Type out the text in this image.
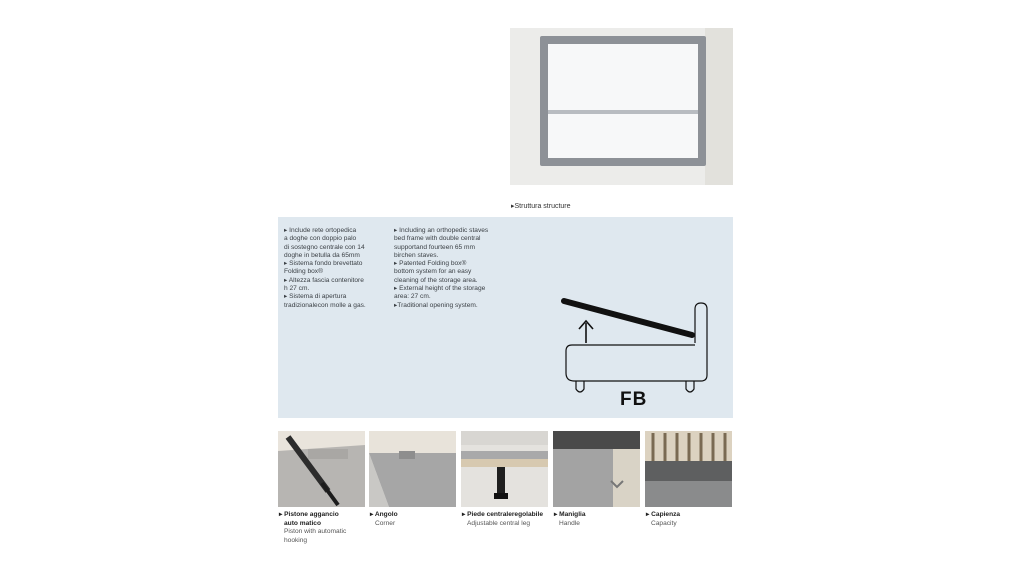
▸Struttura structure
▸ Include rete ortopedica
a doghe con doppio palo
di sostegno centrale con 14
doghe in betulla da 65mm
▸ Sistema fondo brevettato
Folding box®
▸ Altezza fascia contenitore
h 27 cm.
▸ Sistema di apertura
tradizionalecon molle a gas.
▸ Including an orthopedic staves
bed frame with double central
supportand fourteen 65 mm
birchen staves.
▸ Patented Folding box®
bottom system for an easy
cleaning of the storage area.
▸ External height of the storage
area: 27 cm.
▸Traditional opening system.
FB
▸ Pistone aggancio
auto matico
Piston with automatic
hooking
▸ Angolo
Corner
▸ Piede centraleregolabile
Adjustable central leg
▸ Maniglia
Handle
▸ Capienza
Capacity
